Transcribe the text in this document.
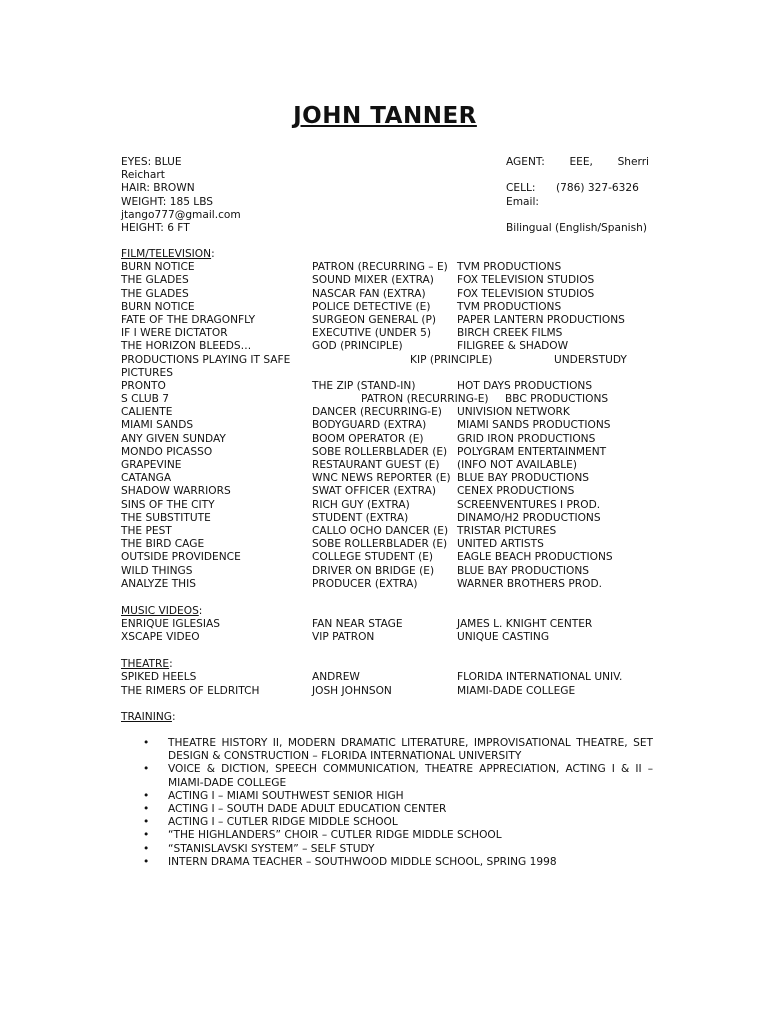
JOHN TANNER
EYES: BLUE
Reichart
HAIR: BROWN
WEIGHT: 185 LBS
jtango777@gmail.com
HEIGHT: 6 FT
AGENT: EEE, Sherri
CELL: (786) 327-6326
Email:
Bilingual (English/Spanish)
FILM/TELEVISION:
BURN NOTICE	PATRON (RECURRING – E) TVM PRODUCTIONS
THE GLADES	SOUND MIXER (EXTRA) FOX TELEVISION STUDIOS
THE GLADES	NASCAR FAN (EXTRA)	FOX TELEVISION STUDIOS
BURN NOTICE	POLICE DETECTIVE (E)	TVM PRODUCTIONS
FATE OF THE DRAGONFLY	SURGEON GENERAL (P) PAPER LANTERN PRODUCTIONS
IF I WERE DICTATOR	EXECUTIVE (UNDER 5) BIRCH CREEK FILMS
THE HORIZON BLEEDS…	GOD (PRINCIPLE)	FILIGREE & SHADOW
PRODUCTIONS PLAYING IT SAFE	KIP (PRINCIPLE)	UNDERSTUDY
PICTURES
PRONTO	THE ZIP (STAND-IN)	HOT DAYS PRODUCTIONS
S CLUB 7	PATRON (RECURRING-E) BBC PRODUCTIONS
CALIENTE	DANCER (RECURRING-E) UNIVISION NETWORK
MIAMI SANDS	BODYGUARD (EXTRA)	MIAMI SANDS PRODUCTIONS
ANY GIVEN SUNDAY	BOOM OPERATOR (E)	GRID IRON PRODUCTIONS
MONDO PICASSO	SOBE ROLLERBLADER (E) POLYGRAM ENTERTAINMENT
GRAPEVINE	RESTAURANT GUEST (E) (INFO NOT AVAILABLE)
CATANGA	WNC NEWS REPORTER (E) BLUE BAY PRODUCTIONS
SHADOW WARRIORS	SWAT OFFICER (EXTRA) CENEX PRODUCTIONS
SINS OF THE CITY	RICH GUY (EXTRA)	SCREENVENTURES I PROD.
THE SUBSTITUTE	STUDENT (EXTRA)	DINAMO/H2 PRODUCTIONS
THE PEST	CALLO OCHO DANCER (E) TRISTAR PICTURES
THE BIRD CAGE	SOBE ROLLERBLADER (E) UNITED ARTISTS
OUTSIDE PROVIDENCE	COLLEGE STUDENT (E) EAGLE BEACH PRODUCTIONS
WILD THINGS	DRIVER ON BRIDGE (E) BLUE BAY PRODUCTIONS
ANALYZE THIS	PRODUCER (EXTRA)	WARNER BROTHERS PROD.
MUSIC VIDEOS:
ENRIQUE IGLESIAS	FAN NEAR STAGE	JAMES L. KNIGHT CENTER
XSCAPE VIDEO	VIP PATRON	UNIQUE CASTING
THEATRE:
SPIKED HEELS	ANDREW	FLORIDA INTERNATIONAL UNIV.
THE RIMERS OF ELDRITCH	JOSH JOHNSON	MIAMI-DADE COLLEGE
TRAINING:
• THEATRE HISTORY II, MODERN DRAMATIC LITERATURE, IMPROVISATIONAL THEATRE, SET DESIGN & CONSTRUCTION – FLORIDA INTERNATIONAL UNIVERSITY
• VOICE & DICTION, SPEECH COMMUNICATION, THEATRE APPRECIATION, ACTING I & II – MIAMI-DADE COLLEGE
• ACTING I – MIAMI SOUTHWEST SENIOR HIGH
• ACTING I – SOUTH DADE ADULT EDUCATION CENTER
• ACTING I – CUTLER RIDGE MIDDLE SCHOOL
• “THE HIGHLANDERS” CHOIR – CUTLER RIDGE MIDDLE SCHOOL
• “STANISLAVSKI SYSTEM” – SELF STUDY
• INTERN DRAMA TEACHER – SOUTHWOOD MIDDLE SCHOOL, SPRING 1998
